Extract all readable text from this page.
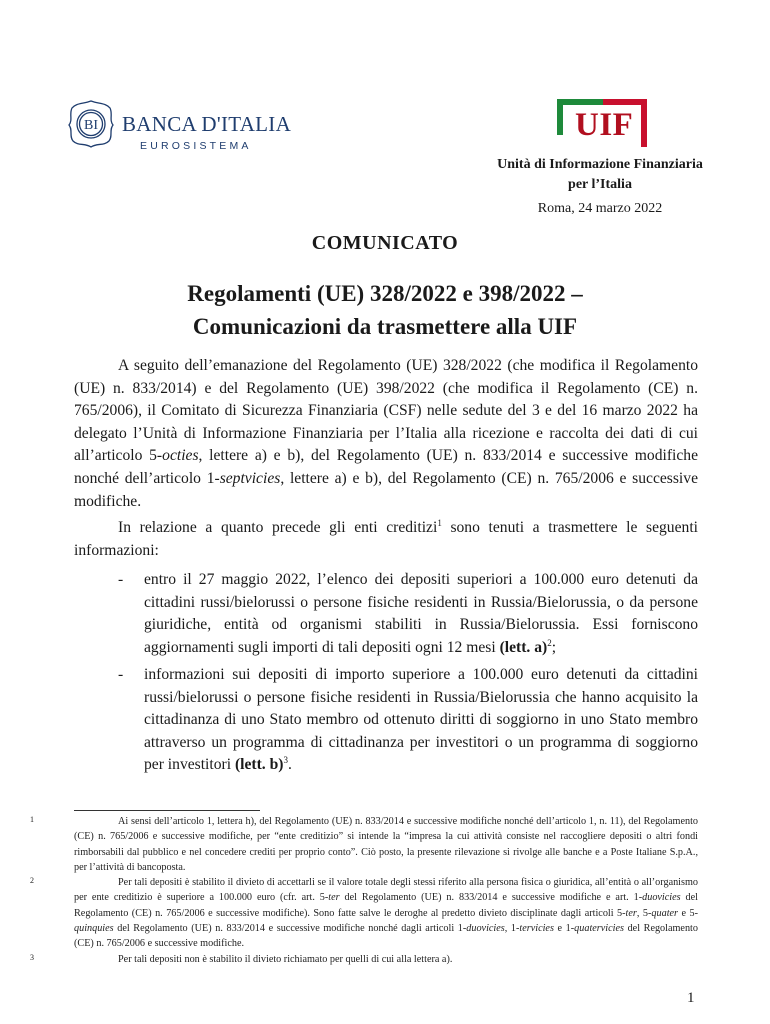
BI BANCA D'ITALIA
EUROSISTEMA
UIF
Unità di Informazione Finanziaria
per l’Italia
Roma, 24 marzo 2022
COMUNICATO
Regolamenti (UE) 328/2022 e 398/2022 –
Comunicazioni da trasmettere alla UIF

A seguito dell’emanazione del Regolamento (UE) 328/2022 (che modifica il Regolamento (UE) n. 833/2014) e del Regolamento (UE) 398/2022 (che modifica il Regolamento (CE) n. 765/2006), il Comitato di Sicurezza Finanziaria (CSF) nelle sedute del 3 e del 16 marzo 2022 ha delegato l’Unità di Informazione Finanziaria per l’Italia alla ricezione e raccolta dei dati di cui all’articolo 5-octies, lettere a) e b), del Regolamento (UE) n. 833/2014 e successive modifiche nonché dell’articolo 1-septvicies, lettere a) e b), del Regolamento (CE) n. 765/2006 e successive modifiche.

In relazione a quanto precede gli enti creditizi$^1$ sono tenuti a trasmettere le seguenti informazioni:

- entro il 27 maggio 2022, l’elenco dei depositi superiori a 100.000 euro detenuti da cittadini russi/bielorussi o persone fisiche residenti in Russia/Bielorussia, o da persone giuridiche, entità od organismi stabiliti in Russia/Bielorussia. Essi forniscono aggiornamenti sugli importi di tali depositi ogni 12 mesi (lett. a)$^2$;

- informazioni sui depositi di importo superiore a 100.000 euro detenuti da cittadini russi/bielorussi o persone fisiche residenti in Russia/Bielorussia che hanno acquisito la cittadinanza di uno Stato membro od ottenuto diritti di soggiorno in uno Stato membro attraverso un programma di cittadinanza per investitori o un programma di soggiorno per investitori (lett. b)$^3$.

1	Ai sensi dell’articolo 1, lettera h), del Regolamento (UE) n. 833/2014 e successive modifiche nonché dell’articolo 1, n. 11), del Regolamento (CE) n. 765/2006 e successive modifiche, per “ente creditizio” si intende la “impresa la cui attività consiste nel raccogliere depositi o altri fondi rimborsabili dal pubblico e nel concedere crediti per proprio conto”. Ciò posto, la presente rilevazione si rivolge alle banche e a Poste Italiane S.p.A., per l’attività di bancoposta.

2	Per tali depositi è stabilito il divieto di accettarli se il valore totale degli stessi riferito alla persona fisica o giuridica, all’entità o all’organismo per ente creditizio è superiore a 100.000 euro (cfr. art. 5-ter del Regolamento (UE) n. 833/2014 e successive modifiche e art. 1-duovicies del Regolamento (CE) n. 765/2006 e successive modifiche). Sono fatte salve le deroghe al predetto divieto disciplinate dagli articoli 5-ter, 5-quater e 5-quinquies del Regolamento (UE) n. 833/2014 e successive modifiche nonché dagli articoli 1-duovicies, 1-tervicies e 1-quatervicies del Regolamento (CE) n. 765/2006 e successive modifiche.

3	Per tali depositi non è stabilito il divieto richiamato per quelli di cui alla lettera a).

1
